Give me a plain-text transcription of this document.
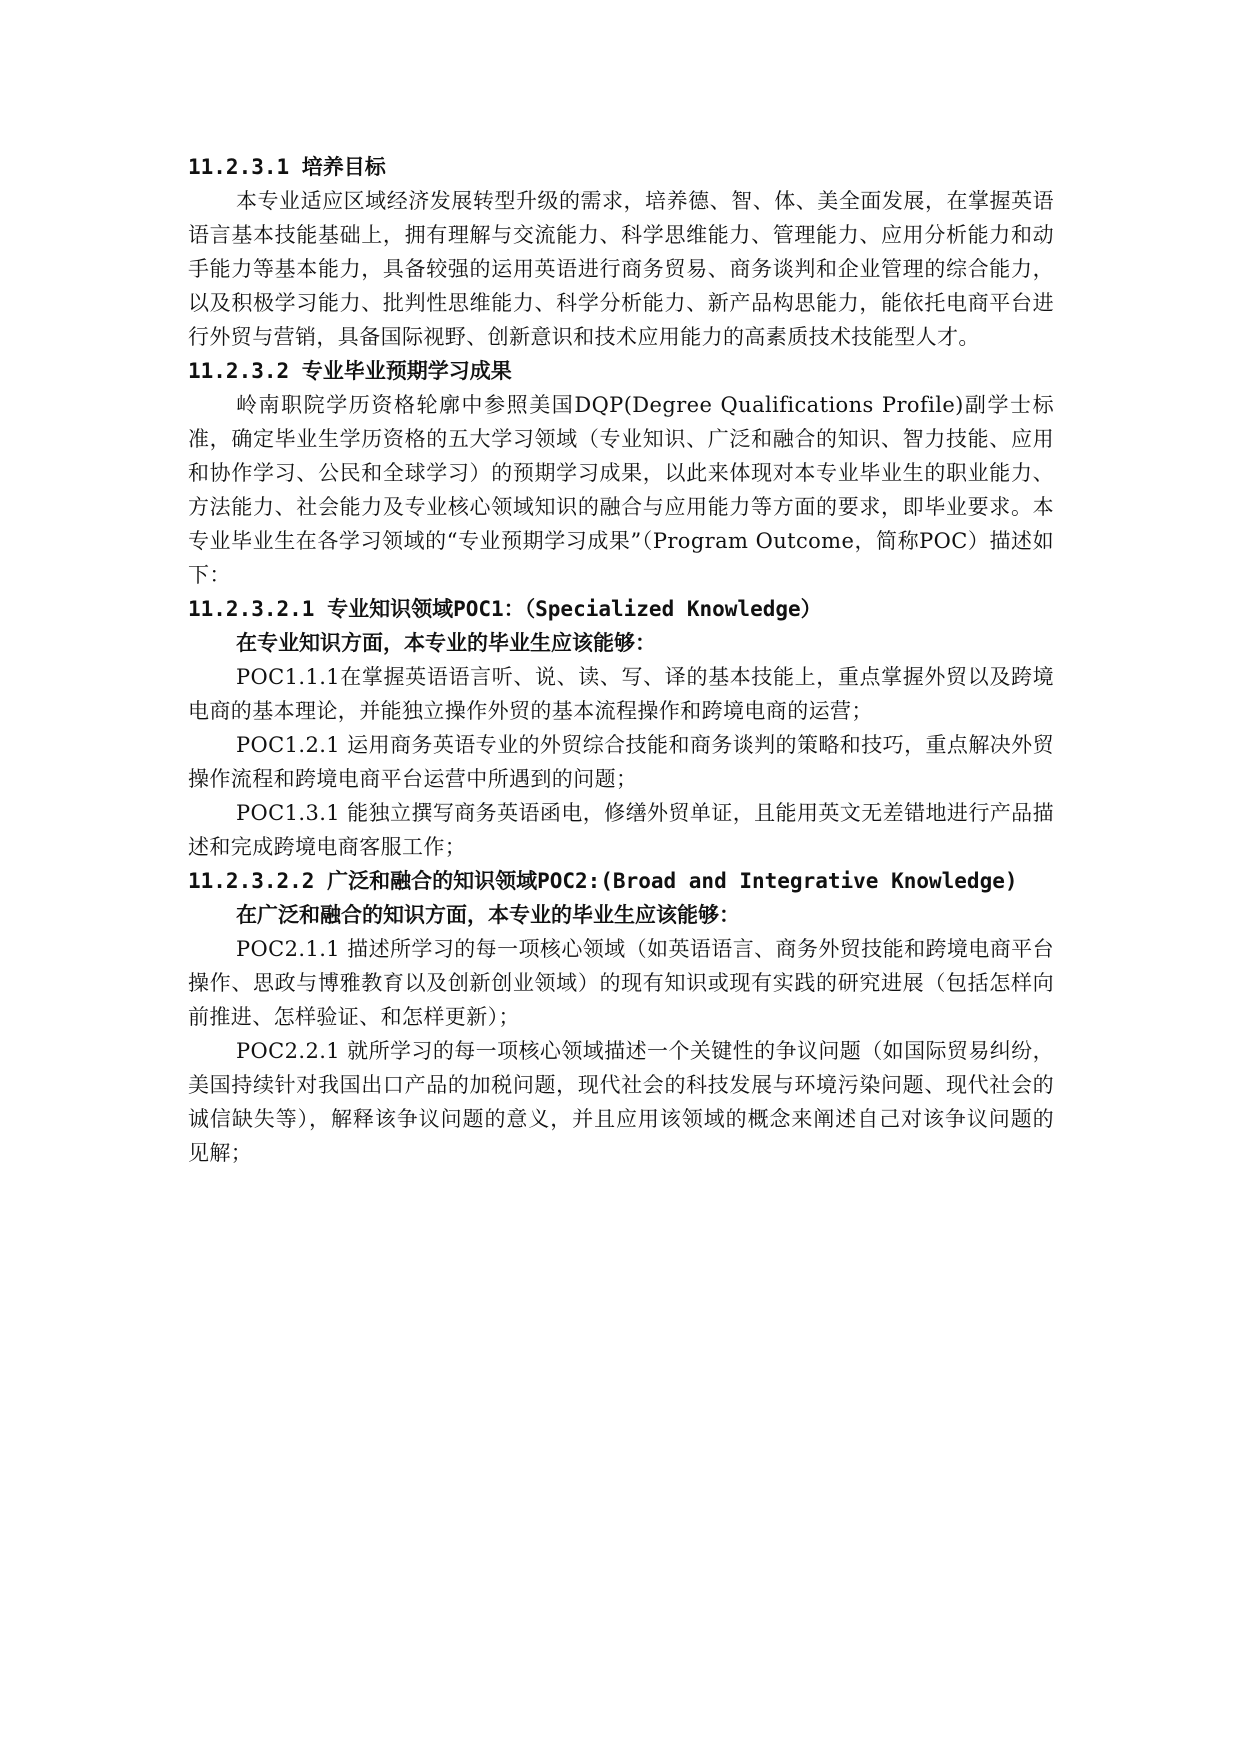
11.2.3.1 培养目标

本专业适应区域经济发展转型升级的需求，培养德、智、体、美全面发展，在掌握英语语言基本技能基础上，拥有理解与交流能力、科学思维能力、管理能力、应用分析能力和动手能力等基本能力，具备较强的运用英语进行商务贸易、商务谈判和企业管理的综合能力，以及积极学习能力、批判性思维能力、科学分析能力、新产品构思能力，能依托电商平台进行外贸与营销，具备国际视野、创新意识和技术应用能力的高素质技术技能型人才。

11.2.3.2 专业毕业预期学习成果

岭南职院学历资格轮廓中参照美国DQP(Degree Qualifications Profile)副学士标准，确定毕业生学历资格的五大学习领域（专业知识、广泛和融合的知识、智力技能、应用和协作学习、公民和全球学习）的预期学习成果，以此来体现对本专业毕业生的职业能力、方法能力、社会能力及专业核心领域知识的融合与应用能力等方面的要求，即毕业要求。本专业毕业生在各学习领域的“专业预期学习成果”（Program Outcome，简称POC）描述如下：

11.2.3.2.1 专业知识领域POC1：（Specialized Knowledge）

在专业知识方面，本专业的毕业生应该能够：

POC1.1.1在掌握英语语言听、说、读、写、译的基本技能上，重点掌握外贸以及跨境电商的基本理论，并能独立操作外贸的基本流程操作和跨境电商的运营；

POC1.2.1 运用商务英语专业的外贸综合技能和商务谈判的策略和技巧，重点解决外贸操作流程和跨境电商平台运营中所遇到的问题；

POC1.3.1 能独立撰写商务英语函电，修缮外贸单证，且能用英文无差错地进行产品描述和完成跨境电商客服工作；

11.2.3.2.2 广泛和融合的知识领域POC2:(Broad and Integrative Knowledge)

在广泛和融合的知识方面，本专业的毕业生应该能够：

POC2.1.1 描述所学习的每一项核心领域（如英语语言、商务外贸技能和跨境电商平台操作、思政与博雅教育以及创新创业领域）的现有知识或现有实践的研究进展（包括怎样向前推进、怎样验证、和怎样更新）；

POC2.2.1 就所学习的每一项核心领域描述一个关键性的争议问题（如国际贸易纠纷，美国持续针对我国出口产品的加税问题，现代社会的科技发展与环境污染问题、现代社会的诚信缺失等），解释该争议问题的意义，并且应用该领域的概念来阐述自己对该争议问题的见解；
